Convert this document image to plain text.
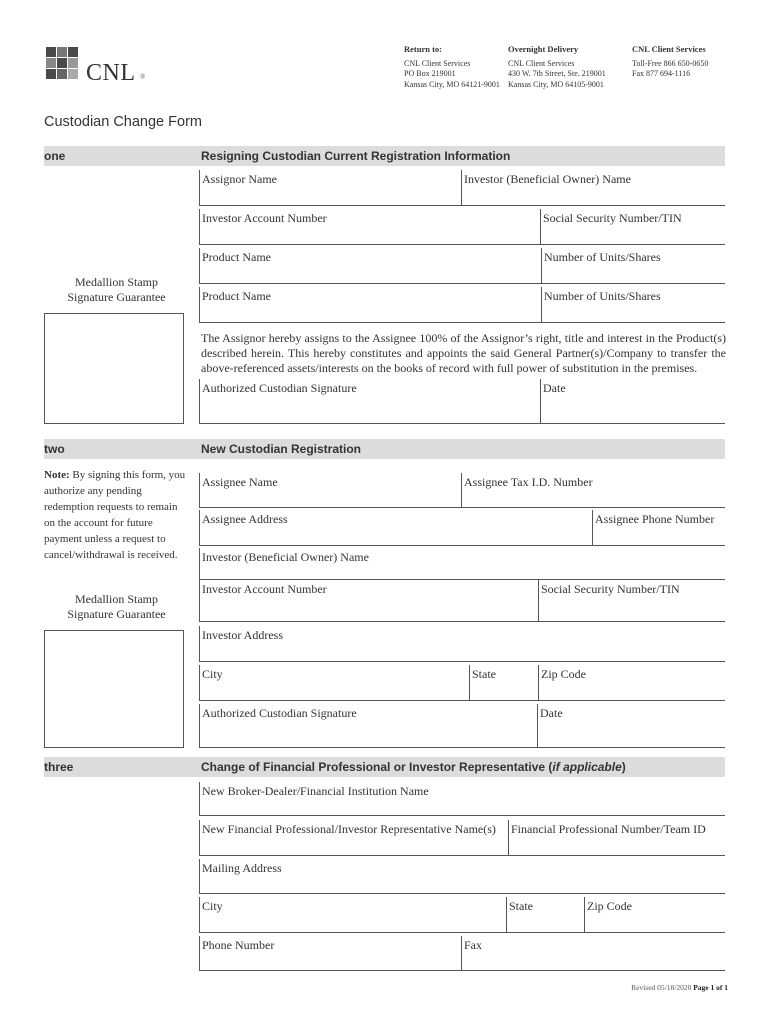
CNL ®
Return to:
CNL Client Services
PO Box 219001
Kansas City, MO 64121-9001
Overnight Delivery
CNL Client Services
430 W. 7th Street, Ste. 219001
Kansas City, MO 64105-9001
CNL Client Services
Toll-Free 866 650-0650
Fax 877 694-1116
Custodian Change Form
one	Resigning Custodian Current Registration Information
Assignor Name	Investor (Beneficial Owner) Name
Investor Account Number	Social Security Number/TIN
Product Name	Number of Units/Shares
Product Name	Number of Units/Shares
Medallion Stamp
Signature Guarantee
The Assignor hereby assigns to the Assignee 100% of the Assignor’s right, title and interest in the Product(s) described herein. This hereby constitutes and appoints the said General Partner(s)/Company to transfer the above-referenced assets/interests on the books of record with full power of substitution in the premises.
Authorized Custodian Signature	Date
two	New Custodian Registration
Note: By signing this form, you authorize any pending redemption requests to remain on the account for future payment unless a request to cancel/withdrawal is received.
Assignee Name	Assignee Tax I.D. Number
Assignee Address	Assignee Phone Number
Investor (Beneficial Owner) Name
Investor Account Number	Social Security Number/TIN
Medallion Stamp
Signature Guarantee
Investor Address
City	State	Zip Code
Authorized Custodian Signature	Date
three	Change of Financial Professional or Investor Representative (if applicable)
New Broker-Dealer/Financial Institution Name
New Financial Professional/Investor Representative Name(s) Financial Professional Number/Team ID
Mailing Address
City	State	Zip Code
Phone Number	Fax
Revised 05/18/2020 Page 1 of 1
